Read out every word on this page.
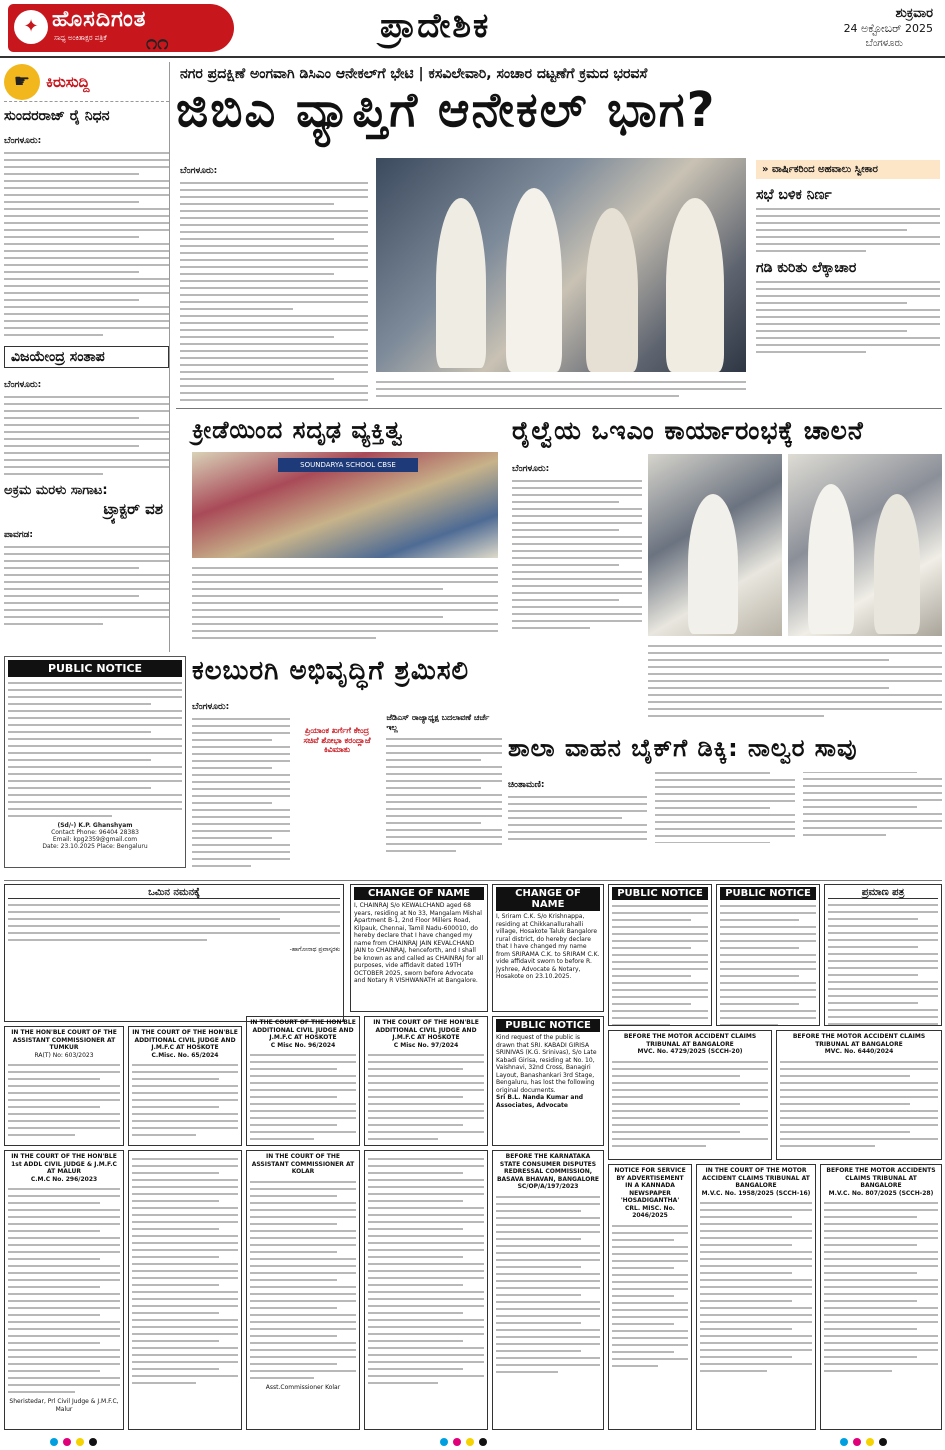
✦ ಹೊಸದಿಗಂತ
ಸಾಧ್ಯ ಅಂಕಿತಾಕ್ಷರ ಪತ್ರಿಕೆ ೧೧	ಪ್ರಾದೇಶಿಕ	ಶುಕ್ರವಾರ
24 ಅಕ್ಟೋಬರ್ 2025
ಬೆಂಗಳೂರು
☛	ಕಿರುಸುದ್ದಿ
ಸುಂದರರಾಜ್ ರೈ ನಿಧನ
ಬೆಂಗಳೂರು:
ವಿಜಯೇಂದ್ರ ಸಂತಾಪ
ಬೆಂಗಳೂರು:
ಅಕ್ರಮ ಮರಳು ಸಾಗಾಟ:
ಟ್ರ್ಯಾಕ್ಟರ್ ವಶ
ಪಾವಗಡ:
ನಗರ ಪ್ರದಕ್ಷಿಣೆ ಅಂಗವಾಗಿ ಡಿಸಿಎಂ ಆನೇಕಲ್‌ಗೆ ಭೇಟಿ | ಕಸವಿಲೇವಾರಿ, ಸಂಚಾರ ದಟ್ಟಣೆಗೆ ಕ್ರಮದ ಭರವಸೆ
ಜಿಬಿಎ ವ್ಯಾಪ್ತಿಗೆ ಆನೇಕಲ್ ಭಾಗ?
ಬೆಂಗಳೂರು:	» ವಾರ್ಷಿಕರಿಂದ ಅಹವಾಲು ಸ್ವೀಕಾರ
ಸಭೆ ಬಳಿಕ ನಿರ್ಣ
ಗಡಿ ಕುರಿತು ಲೆಕ್ಕಾಚಾರ
ಕ್ರೀಡೆಯಿಂದ ಸದೃಢ ವ್ಯಕ್ತಿತ್ವ
SOUNDARYA SCHOOL CBSE
ರೈಲ್ವೆಯ ಒಇಎಂ ಕಾರ್ಯಾರಂಭಕ್ಕೆ ಚಾಲನೆ
ಬೆಂಗಳೂರು:
PUBLIC NOTICE
(Sd/-) K.P. Ghanshyam
Contact Phone: 96404 28383
Email: kpg2359@gmail.com
Date: 23.10.2025 Place: Bengaluru
ಕಲಬುರಗಿ ಅಭಿವೃದ್ಧಿಗೆ ಶ್ರಮಿಸಲಿ
ಬೆಂಗಳೂರು:
ಜೆಡಿಎಸ್ ರಾಜ್ಯಾಧ್ಯಕ್ಷ ಬದಲಾವಣೆ ಚರ್ಚೆ ಇಲ್ಲ
ಪ್ರಿಯಾಂಕ ಖರ್ಗೆಗೆ ಕೇಂದ್ರ ಸಚಿವೆ ಶೋಭಾ ಕರಂದ್ಲಾಜೆ ಕಿವಿಮಾತು	ಶಾಲಾ ವಾಹನ ಬೈಕ್‌ಗೆ ಡಿಕ್ಕಿ: ನಾಲ್ವರ ಸಾವು
ಚಿಂತಾಮಣಿ:
ಒಮಿನ ನಮನಕ್ಕೆ
-ಹಾಗೋನಾಥ ಪ್ರವಾಸ್ಕರಕು
CHANGE OF NAME
I, CHAINRAJ S/o KEWALCHAND aged 68 years, residing at No 33, Mangalam Mishal Apartment B-1, 2nd Floor Millers Road, Kilpauk, Chennai, Tamil Nadu-600010, do hereby declare that I have changed my name from CHAINRAJ JAIN KEVALCHAND JAIN to CHAINRAJ, henceforth, and I shall be known as and called as CHAINRAJ for all purposes, vide affidavit dated 19TH OCTOBER 2025, sworn before Advocate and Notary R VISHWANATH at Bangalore.
CHANGE OF NAME
I, Sriram C.K. S/o Krishnappa, residing at Chikkanallurahalli village, Hosakote Taluk Bangalore rural district, do hereby declare that I have changed my name from SRIRAMA C.K. to SRIRAM C.K. vide affidavit sworn to before R. Jyshree, Advocate & Notary, Hosakote on 23.10.2025.
PUBLIC NOTICE	PUBLIC NOTICE	ಪ್ರಮಾಣ ಪತ್ರ
IN THE HON'BLE COURT OF THE ASSISTANT COMMISSIONER AT TUMKUR
RA(T) No: 603/2023
IN THE COURT OF THE HON'BLE ADDITIONAL CIVIL JUDGE AND J.M.F.C AT HOSKOTE
C.Misc. No. 65/2024
IN THE COURT OF THE HON'BLE ADDITIONAL CIVIL JUDGE AND J.M.F.C AT HOSKOTE
C Misc No. 96/2024
IN THE COURT OF THE HON'BLE ADDITIONAL CIVIL JUDGE AND J.M.F.C AT HOSKOTE
C Misc No. 97/2024
PUBLIC NOTICE
Kind request of the public is drawn that SRI. KABADI GIRISA SRINIVAS (K.G. Srinivas), S/o Late Kabadi Girisa, residing at No. 10, Vaishnavi, 32nd Cross, Banagiri Layout, Banashankari 3rd Stage, Bengaluru, has lost the following original documents.
Sri B.L. Nanda Kumar and Associates, Advocate
BEFORE THE MOTOR ACCIDENT CLAIMS TRIBUNAL AT BANGALORE
MVC. No. 4729/2025 (SCCH-20)
BEFORE THE MOTOR ACCIDENT CLAIMS TRIBUNAL AT BANGALORE
MVC. No. 6440/2024
IN THE COURT OF THE HON'BLE 1st ADDL CIVIL JUDGE & J.M.F.C AT MALUR
C.M.C No. 296/2023
Sheristedar, Prl Civil Judge & J.M.F.C, Malur
IN THE COURT OF THE ASSISTANT COMMISSIONER AT KOLAR
Asst.Commissioner Kolar
BEFORE THE KARNATAKA STATE CONSUMER DISPUTES REDRESSAL COMMISSION, BASAVA BHAVAN, BANGALORE
SC/OP/A/197/2023
NOTICE FOR SERVICE BY ADVERTISEMENT IN A KANNADA NEWSPAPER 'HOSADIGANTHA'
CRL. MISC. No. 2046/2025
IN THE COURT OF THE MOTOR ACCIDENT CLAIMS TRIBUNAL AT BANGALORE
M.V.C. No. 1958/2025 (SCCH-16)
BEFORE THE MOTOR ACCIDENTS CLAIMS TRIBUNAL AT BANGALORE
M.V.C. No. 807/2025 (SCCH-28)
